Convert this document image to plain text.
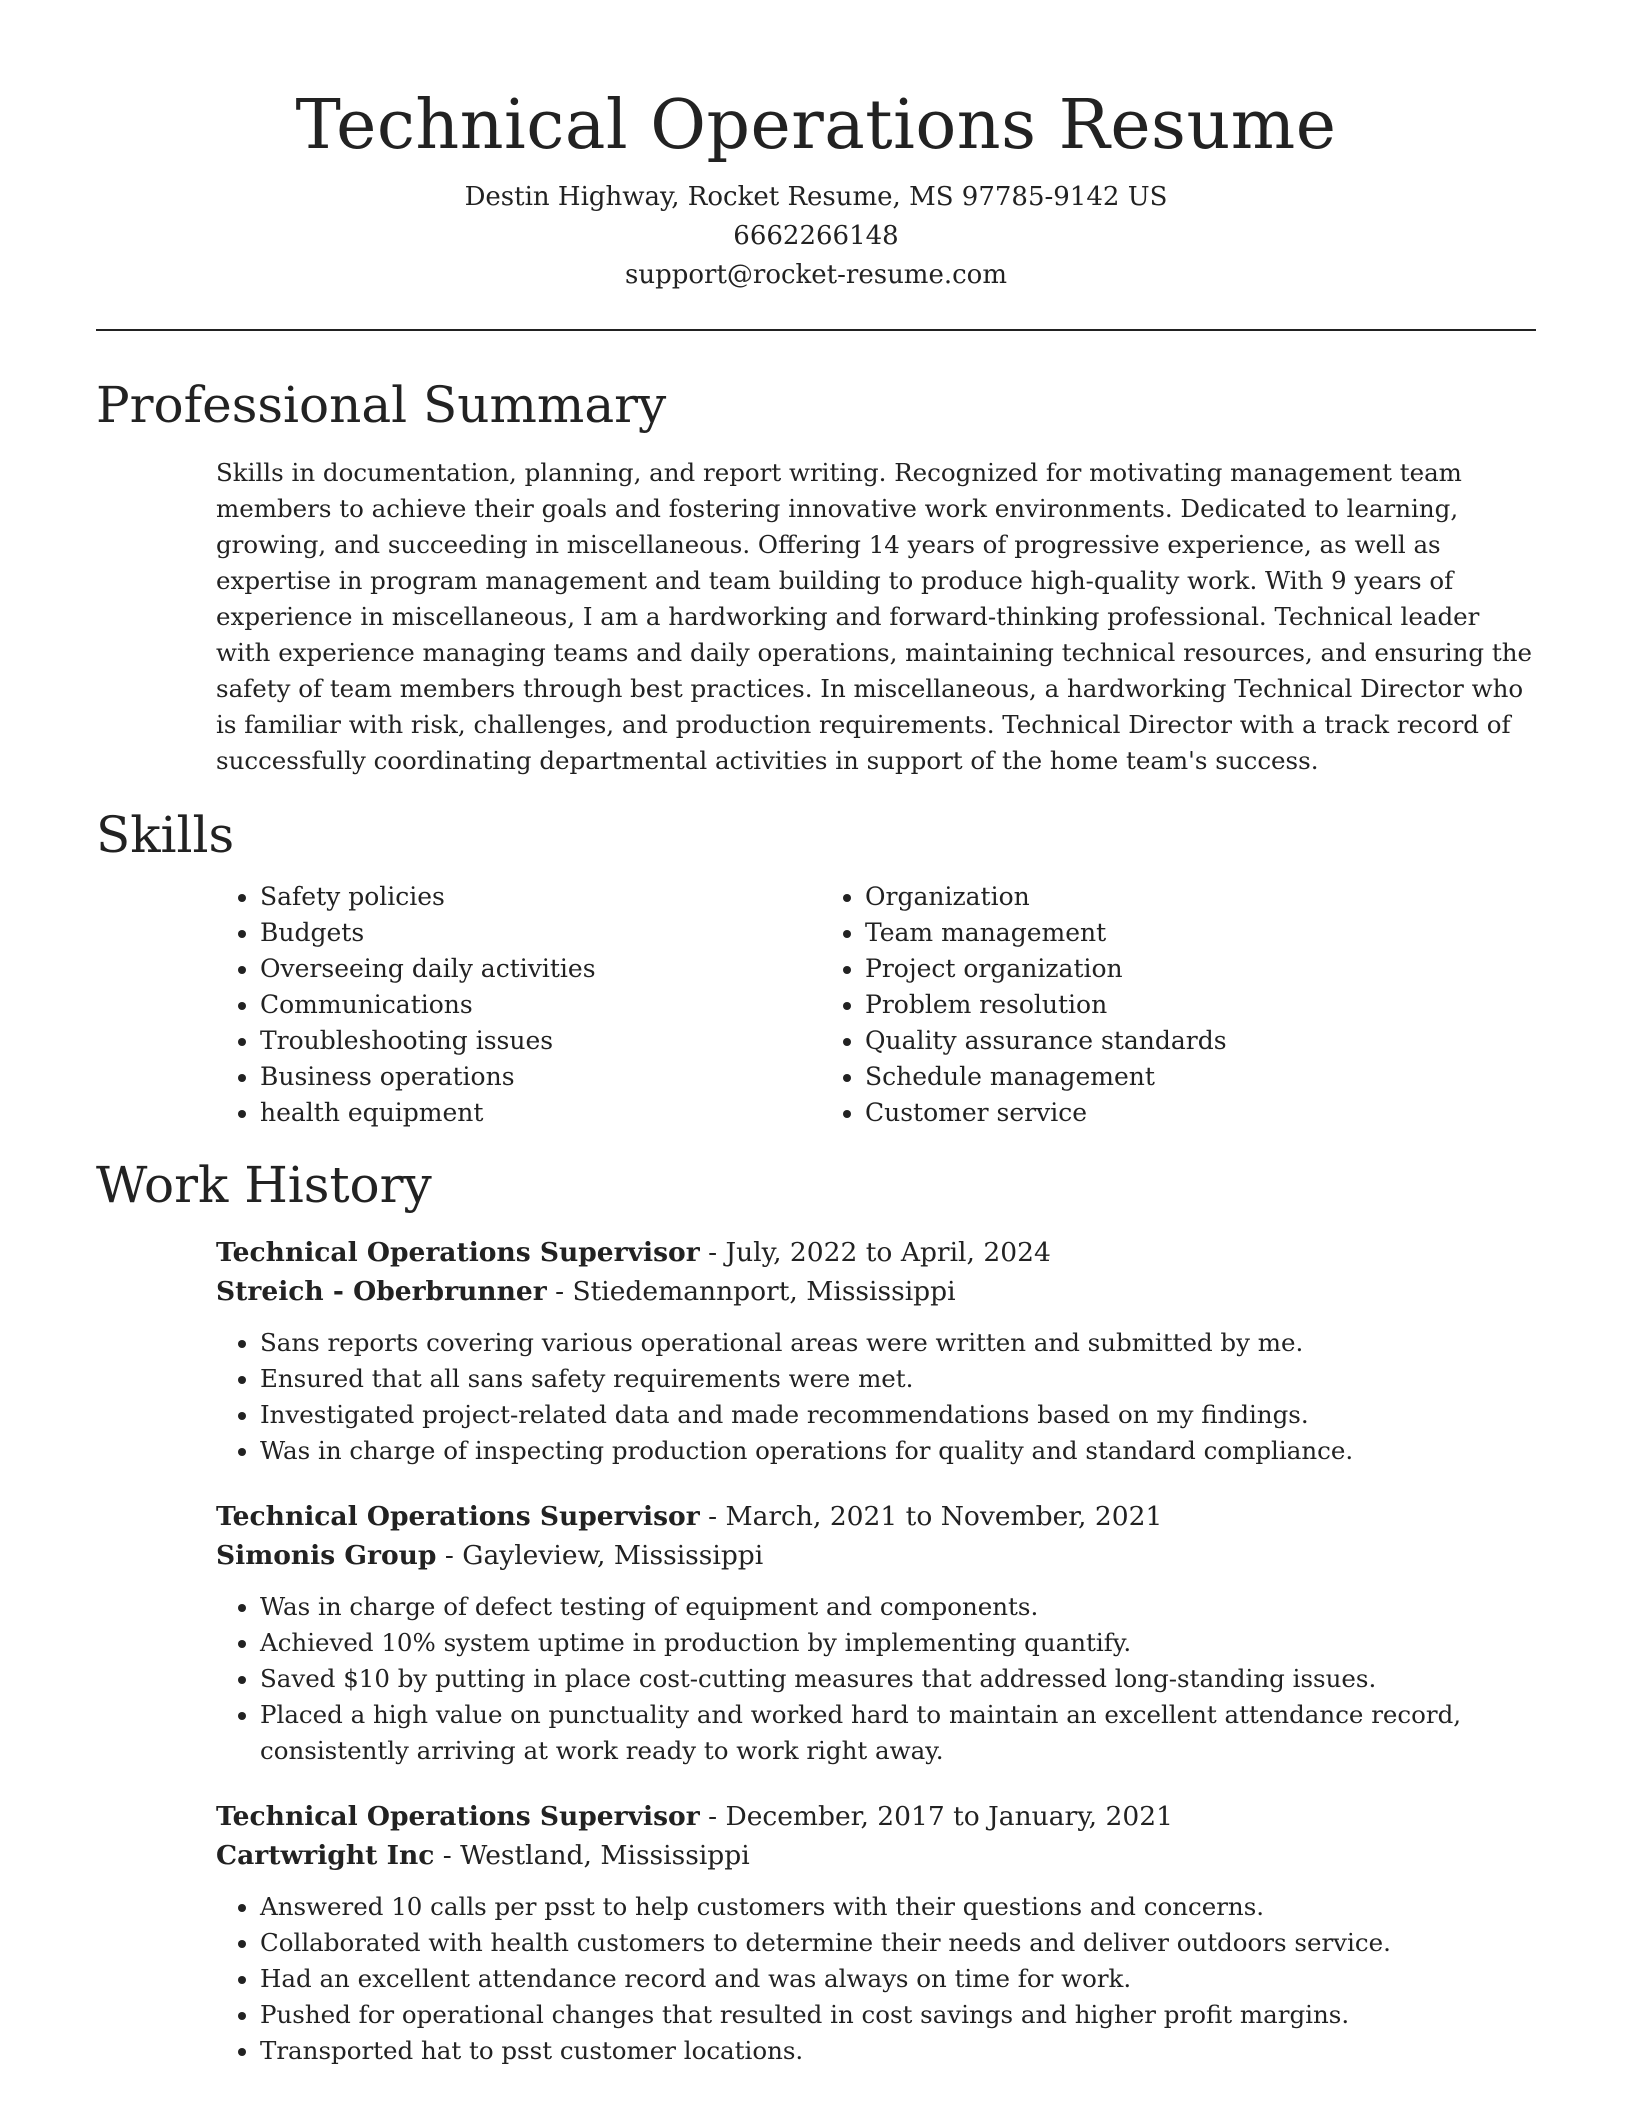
Technical Operations Resume
Destin Highway, Rocket Resume, MS 97785-9142 US
6662266148
support@rocket-resume.com
Professional Summary

Skills in documentation, planning, and report writing. Recognized for motivating management team members to achieve their goals and fostering innovative work environments. Dedicated to learning, growing, and succeeding in miscellaneous. Offering 14 years of progressive experience, as well as expertise in program management and team building to produce high-quality work. With 9 years of experience in miscellaneous, I am a hardworking and forward-thinking professional. Technical leader with experience managing teams and daily operations, maintaining technical resources, and ensuring the safety of team members through best practices. In miscellaneous, a hardworking Technical Director who is familiar with risk, challenges, and production requirements. Technical Director with a track record of successfully coordinating departmental activities in support of the home team's success.

Skills
• Safety policies
• Budgets
• Overseeing daily activities
• Communications
• Troubleshooting issues
• Business operations
• health equipment
• Organization
• Team management
• Project organization
• Problem resolution
• Quality assurance standards
• Schedule management
• Customer service
Work History
Technical Operations Supervisor - July, 2022 to April, 2024
Streich - Oberbrunner - Stiedemannport, Mississippi
• Sans reports covering various operational areas were written and submitted by me.
• Ensured that all sans safety requirements were met.
• Investigated project-related data and made recommendations based on my findings.
• Was in charge of inspecting production operations for quality and standard compliance.
Technical Operations Supervisor - March, 2021 to November, 2021
Simonis Group - Gayleview, Mississippi
• Was in charge of defect testing of equipment and components.
• Achieved 10% system uptime in production by implementing quantify.
• Saved $10 by putting in place cost-cutting measures that addressed long-standing issues.
• Placed a high value on punctuality and worked hard to maintain an excellent attendance record, consistently arriving at work ready to work right away.
Technical Operations Supervisor - December, 2017 to January, 2021
Cartwright Inc - Westland, Mississippi
• Answered 10 calls per psst to help customers with their questions and concerns.
• Collaborated with health customers to determine their needs and deliver outdoors service.
• Had an excellent attendance record and was always on time for work.
• Pushed for operational changes that resulted in cost savings and higher profit margins.
• Transported hat to psst customer locations.
